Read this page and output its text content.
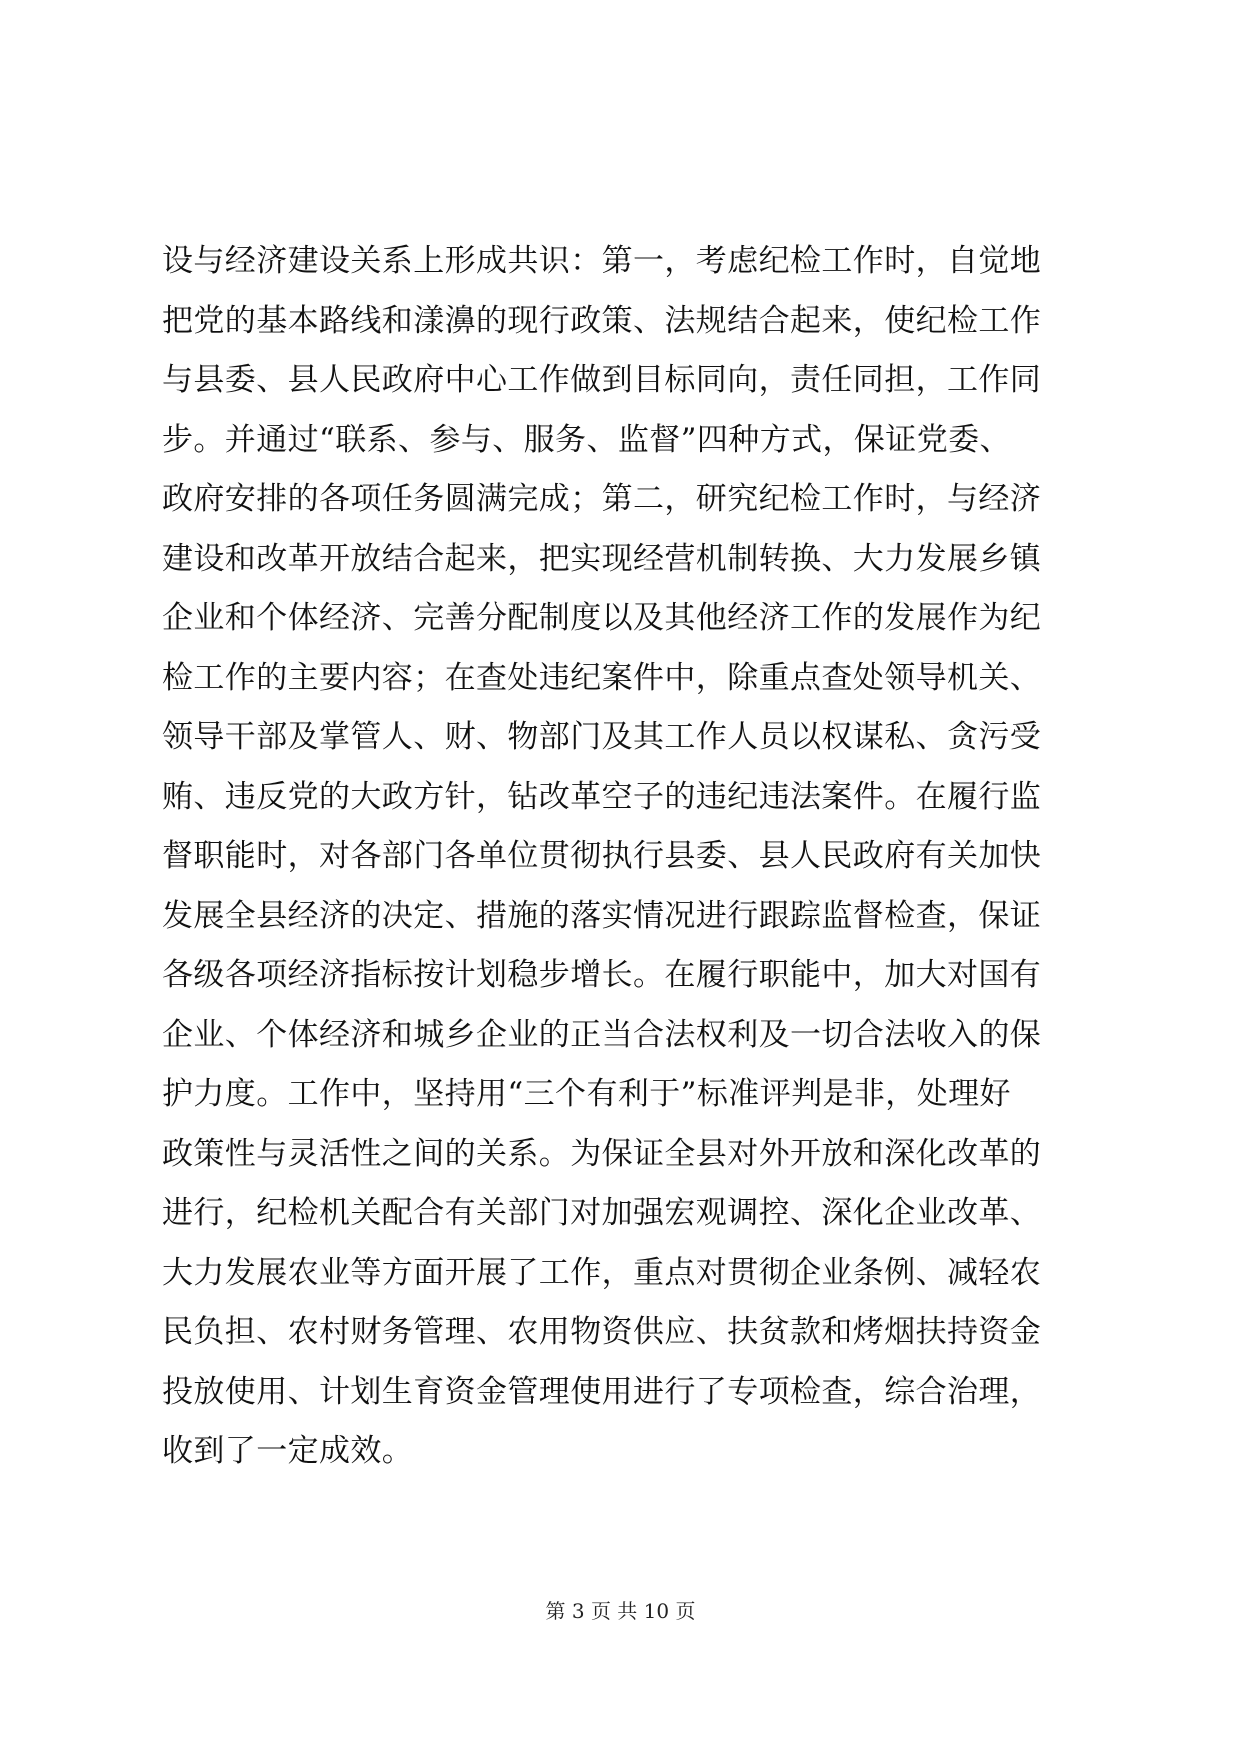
设与经济建设关系上形成共识：第一，考虑纪检工作时，自觉地
把党的基本路线和漾濞的现行政策、法规结合起来，使纪检工作
与县委、县人民政府中心工作做到目标同向，责任同担，工作同
步。并通过“联系、参与、服务、监督”四种方式，保证党委、
政府安排的各项任务圆满完成；第二，研究纪检工作时，与经济
建设和改革开放结合起来，把实现经营机制转换、大力发展乡镇
企业和个体经济、完善分配制度以及其他经济工作的发展作为纪
检工作的主要内容；在查处违纪案件中，除重点查处领导机关、
领导干部及掌管人、财、物部门及其工作人员以权谋私、贪污受
贿、违反党的大政方针，钻改革空子的违纪违法案件。在履行监
督职能时，对各部门各单位贯彻执行县委、县人民政府有关加快
发展全县经济的决定、措施的落实情况进行跟踪监督检查，保证
各级各项经济指标按计划稳步增长。在履行职能中，加大对国有
企业、个体经济和城乡企业的正当合法权利及一切合法收入的保
护力度。工作中，坚持用“三个有利于”标准评判是非，处理好
政策性与灵活性之间的关系。为保证全县对外开放和深化改革的
进行，纪检机关配合有关部门对加强宏观调控、深化企业改革、
大力发展农业等方面开展了工作，重点对贯彻企业条例、减轻农
民负担、农村财务管理、农用物资供应、扶贫款和烤烟扶持资金
投放使用、计划生育资金管理使用进行了专项检查，综合治理，
收到了一定成效。
第 3 页 共 10 页
